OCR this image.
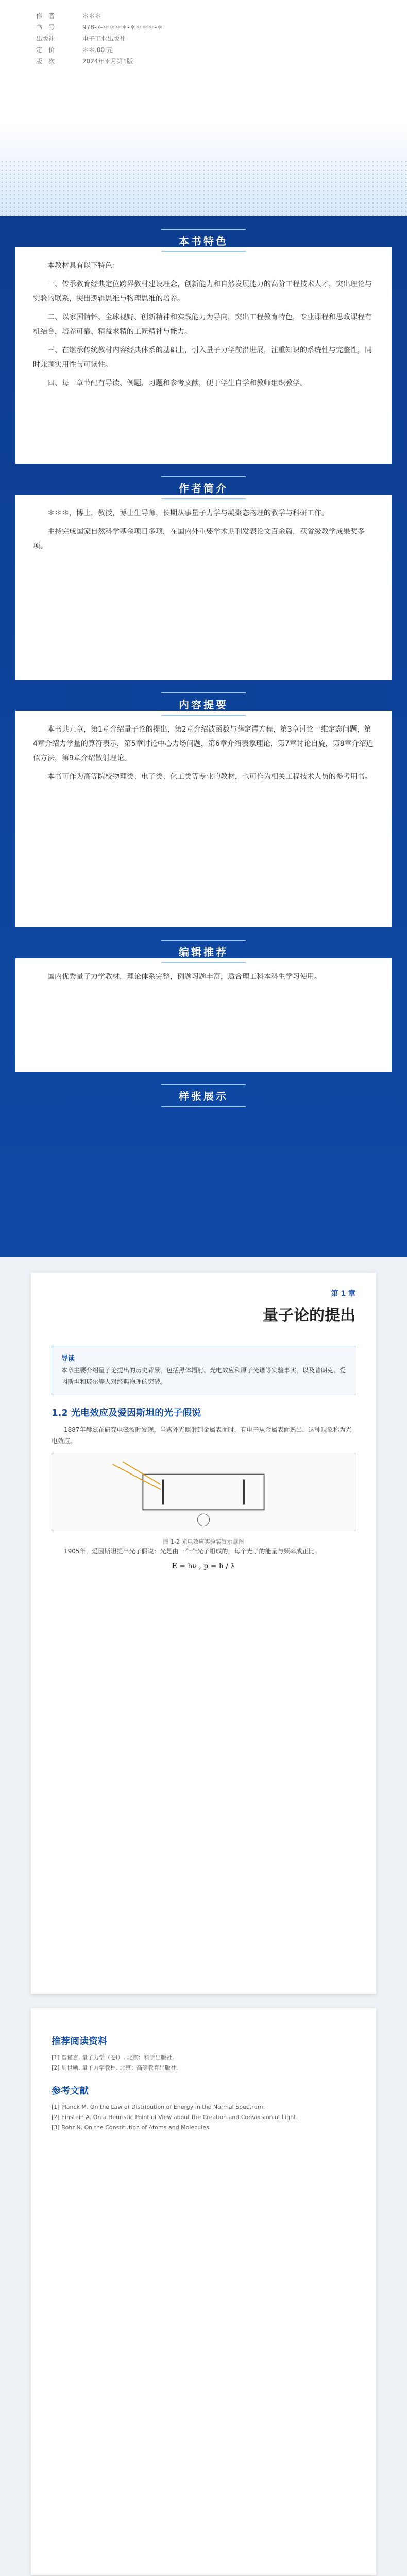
作　者	＊＊＊
书　号	978-7-＊＊＊＊-＊＊＊＊-＊
出版社	电子工业出版社
定　价	＊＊.00 元
版　次	2024年＊月第1版
本书特色

本教材具有以下特色：

一、传承教育经典定位跨界教材建设理念，创新能力和自然发展能力的高阶工程技术人才，突出理论与实验的联系，突出逻辑思维与物理思维的培养。

二、以家国情怀、全球视野、创新精神和实践能力为导向，突出工程教育特色，专业课程和思政课程有机结合，培养可靠、精益求精的工匠精神与能力。

三、在继承传统教材内容经典体系的基础上，引入量子力学前沿进展，注重知识的系统性与完整性，同时兼顾实用性与可读性。

四、每一章节配有导读、例题、习题和参考文献，便于学生自学和教师组织教学。

作者简介

＊＊＊，博士，教授，博士生导师，长期从事量子力学与凝聚态物理的教学与科研工作。

主持完成国家自然科学基金项目多项，在国内外重要学术期刊发表论文百余篇，获省级教学成果奖多项。

内容提要

本书共九章，第1章介绍量子论的提出，第2章介绍波函数与薛定谔方程，第3章讨论一维定态问题，第4章介绍力学量的算符表示，第5章讨论中心力场问题，第6章介绍表象理论，第7章讨论自旋，第8章介绍近似方法，第9章介绍散射理论。

本书可作为高等院校物理类、电子类、化工类等专业的教材，也可作为相关工程技术人员的参考用书。

编辑推荐

国内优秀量子力学教材，理论体系完整，例题习题丰富，适合理工科本科生学习使用。

样张展示
第 1 章
量子论的提出
导读
本章主要介绍量子论提出的历史背景，包括黑体辐射、光电效应和原子光谱等实验事实，以及普朗克、爱因斯坦和玻尔等人对经典物理的突破。
1.2 光电效应及爱因斯坦的光子假说

1887年赫兹在研究电磁波时发现，当紫外光照射到金属表面时，有电子从金属表面逸出，这种现象称为光电效应。

图 1-2 光电效应实验装置示意图

1905年，爱因斯坦提出光子假说：光是由一个个光子组成的，每个光子的能量与频率成正比。

E = hν , p = h / λ
推荐阅读资料
[1] 曾谨言. 量子力学（卷Ⅰ）. 北京：科学出版社.
[2] 周世勋. 量子力学教程. 北京：高等教育出版社.
参考文献
[1] Planck M. On the Law of Distribution of Energy in the Normal Spectrum.
[2] Einstein A. On a Heuristic Point of View about the Creation and Conversion of Light.
[3] Bohr N. On the Constitution of Atoms and Molecules.
